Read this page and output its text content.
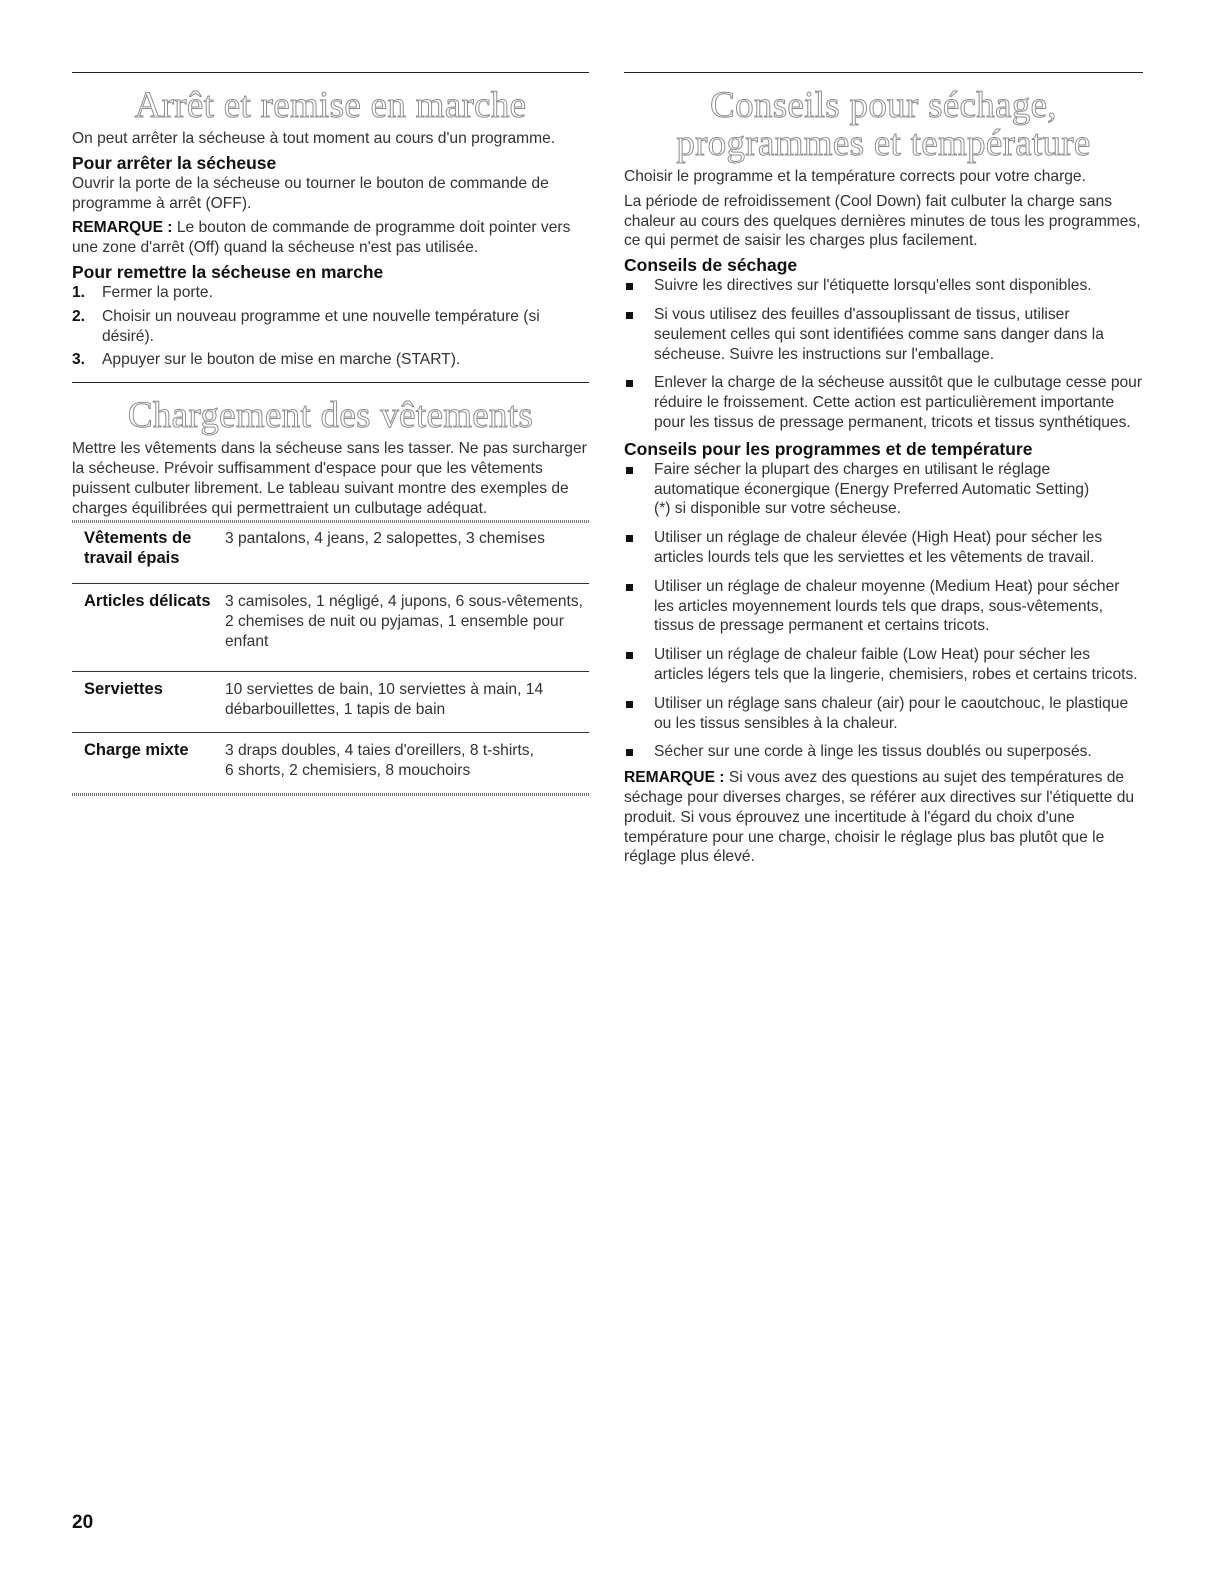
Arrêt et remise en marche

On peut arrêter la sécheuse à tout moment au cours d'un programme.

Pour arrêter la sécheuse

Ouvrir la porte de la sécheuse ou tourner le bouton de commande de programme à arrêt (OFF).

REMARQUE : Le bouton de commande de programme doit pointer vers une zone d'arrêt (Off) quand la sécheuse n'est pas utilisée.

Pour remettre la sécheuse en marche
1. Fermer la porte.
2. Choisir un nouveau programme et une nouvelle température (si désiré).
3. Appuyer sur le bouton de mise en marche (START).
Chargement des vêtements

Mettre les vêtements dans la sécheuse sans les tasser. Ne pas surcharger la sécheuse. Prévoir suffisamment d'espace pour que les vêtements puissent culbuter librement. Le tableau suivant montre des exemples de charges équilibrées qui permettraient un culbutage adéquat.

Vêtements de travail épais	3 pantalons, 4 jeans, 2 salopettes, 3 chemises
Articles délicats	3 camisoles, 1 négligé, 4 jupons, 6 sous-vêtements, 2 chemises de nuit ou pyjamas, 1 ensemble pour enfant
Serviettes	10 serviettes de bain, 10 serviettes à main, 14 débarbouillettes, 1 tapis de bain
Charge mixte	3 draps doubles, 4 taies d'oreillers, 8 t-shirts, 6 shorts, 2 chemisiers, 8 mouchoirs
Conseils pour séchage, programmes et température

Choisir le programme et la température corrects pour votre charge.

La période de refroidissement (Cool Down) fait culbuter la charge sans chaleur au cours des quelques dernières minutes de tous les programmes, ce qui permet de saisir les charges plus facilement.

Conseils de séchage
Suivre les directives sur l'étiquette lorsqu'elles sont disponibles.
Si vous utilisez des feuilles d'assouplissant de tissus, utiliser seulement celles qui sont identifiées comme sans danger dans la sécheuse. Suivre les instructions sur l'emballage.
Enlever la charge de la sécheuse aussitôt que le culbutage cesse pour réduire le froissement. Cette action est particulièrement importante pour les tissus de pressage permanent, tricots et tissus synthétiques.
Conseils pour les programmes et de température
Faire sécher la plupart des charges en utilisant le réglage automatique éconergique (Energy Preferred Automatic Setting)(*) si disponible sur votre sécheuse.
Utiliser un réglage de chaleur élevée (High Heat) pour sécher les articles lourds tels que les serviettes et les vêtements de travail.
Utiliser un réglage de chaleur moyenne (Medium Heat) pour sécher les articles moyennement lourds tels que draps, sous-vêtements, tissus de pressage permanent et certains tricots.
Utiliser un réglage de chaleur faible (Low Heat) pour sécher les articles légers tels que la lingerie, chemisiers, robes et certains tricots.
Utiliser un réglage sans chaleur (air) pour le caoutchouc, le plastique ou les tissus sensibles à la chaleur.
Sécher sur une corde à linge les tissus doublés ou superposés.

REMARQUE : Si vous avez des questions au sujet des températures de séchage pour diverses charges, se référer aux directives sur l'étiquette du produit. Si vous éprouvez une incertitude à l'égard du choix d'une température pour une charge, choisir le réglage plus bas plutôt que le réglage plus élevé.

20
